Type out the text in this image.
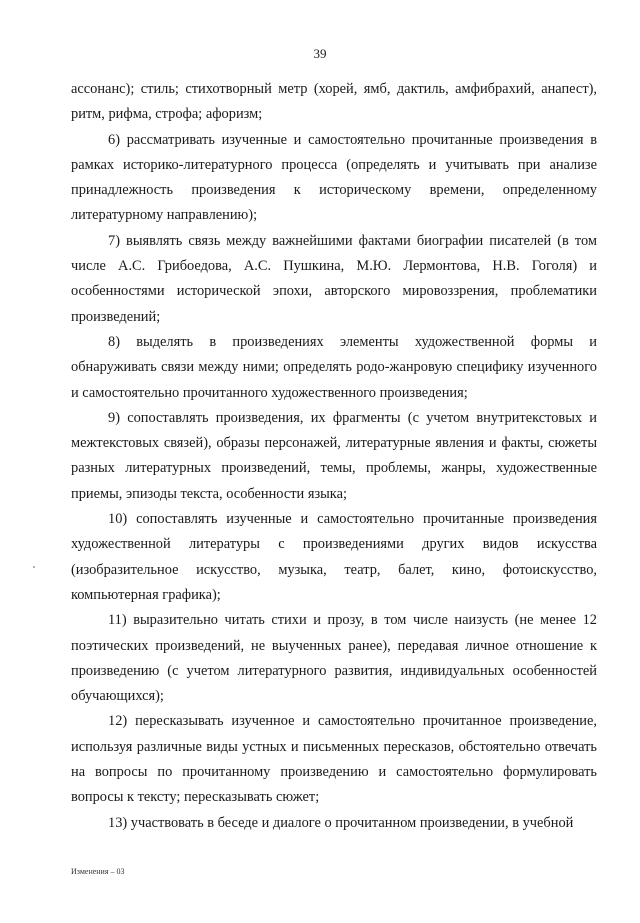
39

ассонанс); стиль; стихотворный метр (хорей, ямб, дактиль, амфибрахий, анапест), ритм, рифма, строфа; афоризм;

6) рассматривать изученные и самостоятельно прочитанные произведения в рамках историко-литературного процесса (определять и учитывать при анализе принадлежность произведения к историческому времени, определенному литературному направлению);

7) выявлять связь между важнейшими фактами биографии писателей (в том числе А.С. Грибоедова, А.С. Пушкина, М.Ю. Лермонтова, Н.В. Гоголя) и особенностями исторической эпохи, авторского мировоззрения, проблематики произведений;

8) выделять в произведениях элементы художественной формы и обнаруживать связи между ними; определять родо-жанровую специфику изученного и самостоятельно прочитанного художественного произведения;

9) сопоставлять произведения, их фрагменты (с учетом внутритекстовых и межтекстовых связей), образы персонажей, литературные явления и факты, сюжеты разных литературных произведений, темы, проблемы, жанры, художественные приемы, эпизоды текста, особенности языка;

10) сопоставлять изученные и самостоятельно прочитанные произведения художественной литературы с произведениями других видов искусства (изобразительное искусство, музыка, театр, балет, кино, фотоискусство, компьютерная графика);

11) выразительно читать стихи и прозу, в том числе наизусть (не менее 12 поэтических произведений, не выученных ранее), передавая личное отношение к произведению (с учетом литературного развития, индивидуальных особенностей обучающихся);

12) пересказывать изученное и самостоятельно прочитанное произведение, используя различные виды устных и письменных пересказов, обстоятельно отвечать на вопросы по прочитанному произведению и самостоятельно формулировать вопросы к тексту; пересказывать сюжет;

13) участвовать в беседе и диалоге о прочитанном произведении, в учебной

Изменения – 03
